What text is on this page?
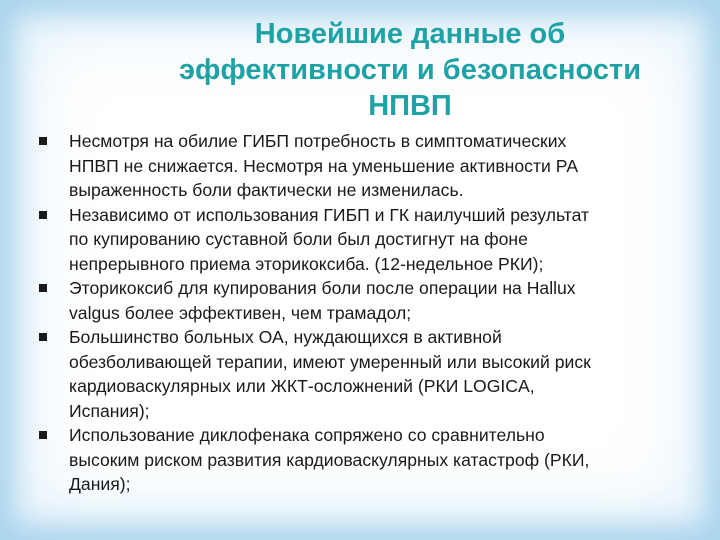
Новейшие данные об
эффективности и безопасности
НПВП
Несмотря на обилие ГИБП потребность в симптоматических
НПВП не снижается. Несмотря на уменьшение активности РА
выраженность боли фактически не изменилась.
Независимо от использования ГИБП и ГК наилучший результат
по купированию суставной боли был достигнут на фоне
непрерывного приема эторикоксиба. (12-недельное РКИ);
Эторикоксиб для купирования боли после операции на Hallux
valgus более эффективен, чем трамадол;
Большинство больных ОА, нуждающихся в активной
обезболивающей терапии, имеют умеренный или высокий риск
кардиоваскулярных или ЖКТ-осложнений (РКИ LOGICA,
Испания);
Использование диклофенака сопряжено со сравнительно
высоким риском развития кардиоваскулярных катастроф (РКИ,
Дания);
